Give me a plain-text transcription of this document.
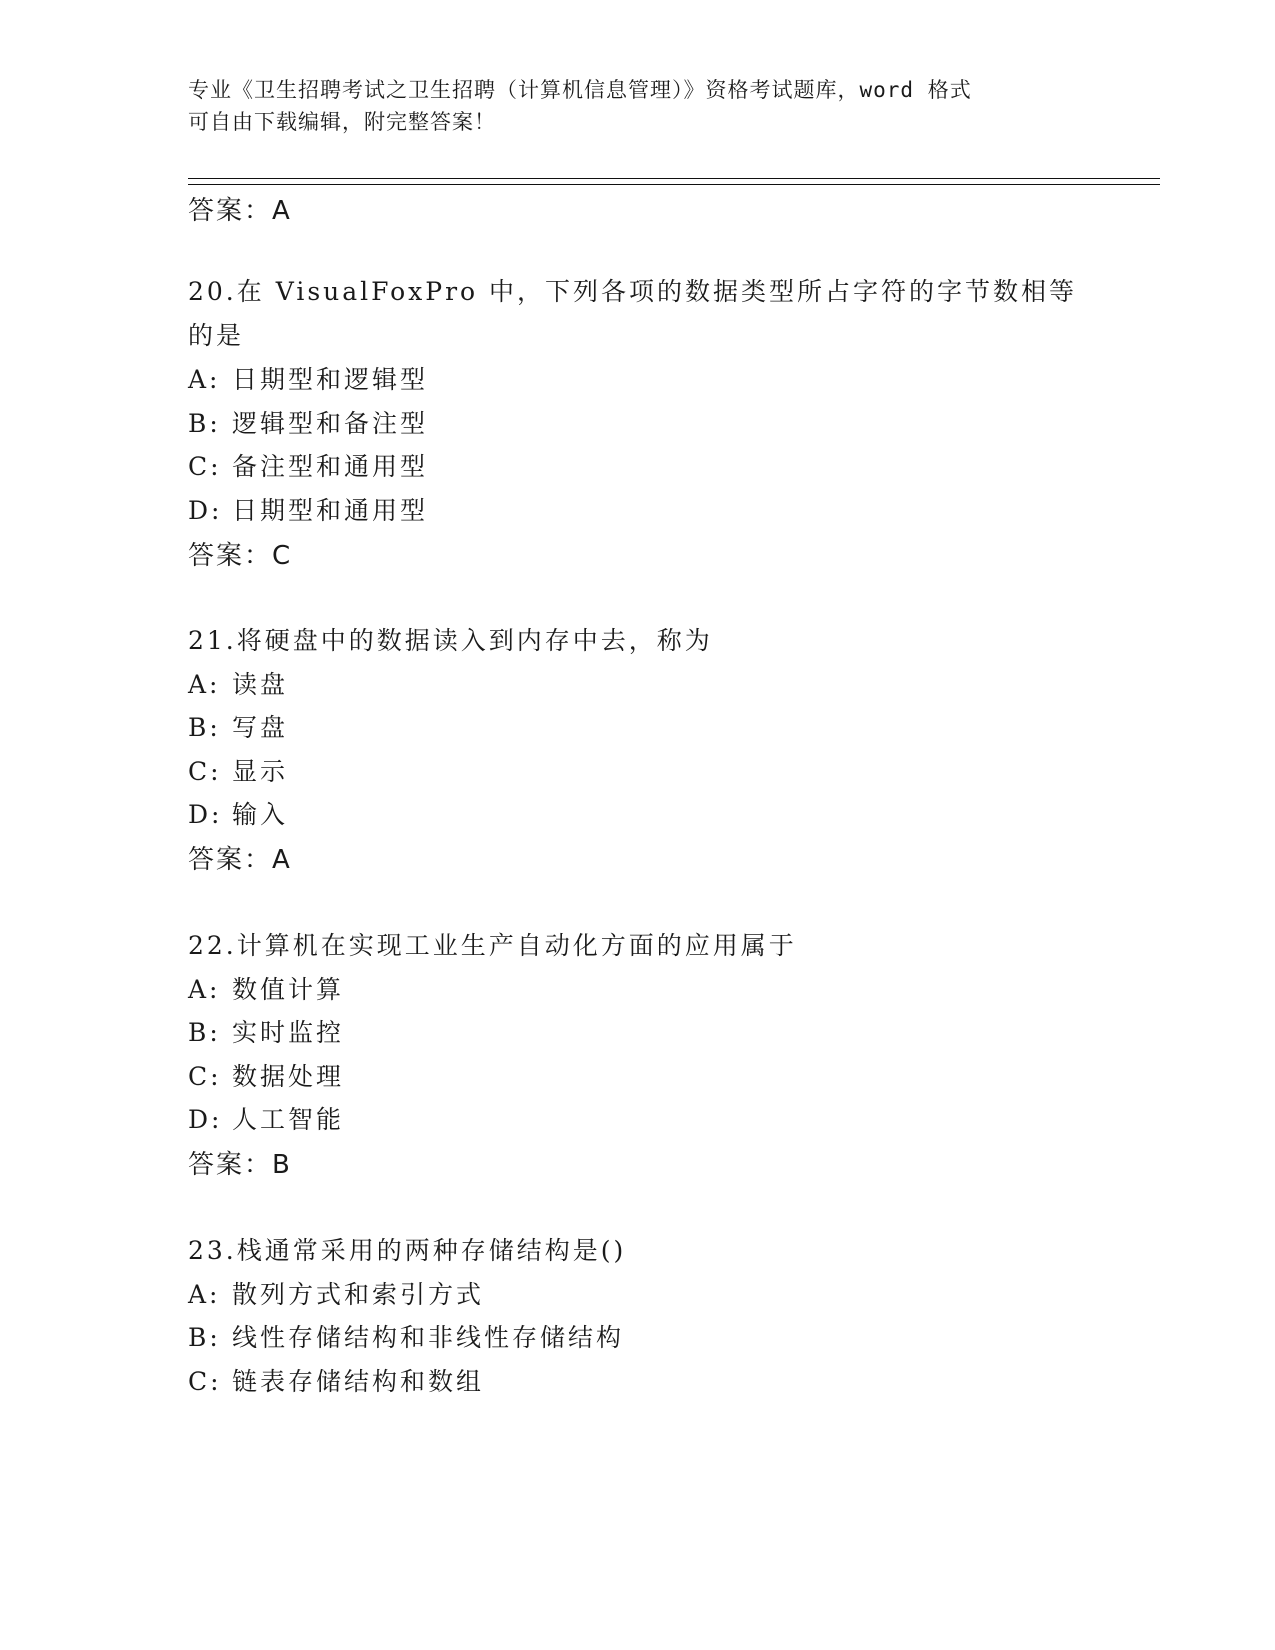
专业《卫生招聘考试之卫生招聘（计算机信息管理）》资格考试题库，word 格式
可自由下载编辑，附完整答案！
答案：A
20.在 VisualFoxPro 中，下列各项的数据类型所占字符的字节数相等
的是
A: 日期型和逻辑型
B: 逻辑型和备注型
C: 备注型和通用型
D: 日期型和通用型
答案：C
21.将硬盘中的数据读入到内存中去，称为
A: 读盘
B: 写盘
C: 显示
D: 输入
答案：A
22.计算机在实现工业生产自动化方面的应用属于
A: 数值计算
B: 实时监控
C: 数据处理
D: 人工智能
答案：B
23.栈通常采用的两种存储结构是()
A: 散列方式和索引方式
B: 线性存储结构和非线性存储结构
C: 链表存储结构和数组
